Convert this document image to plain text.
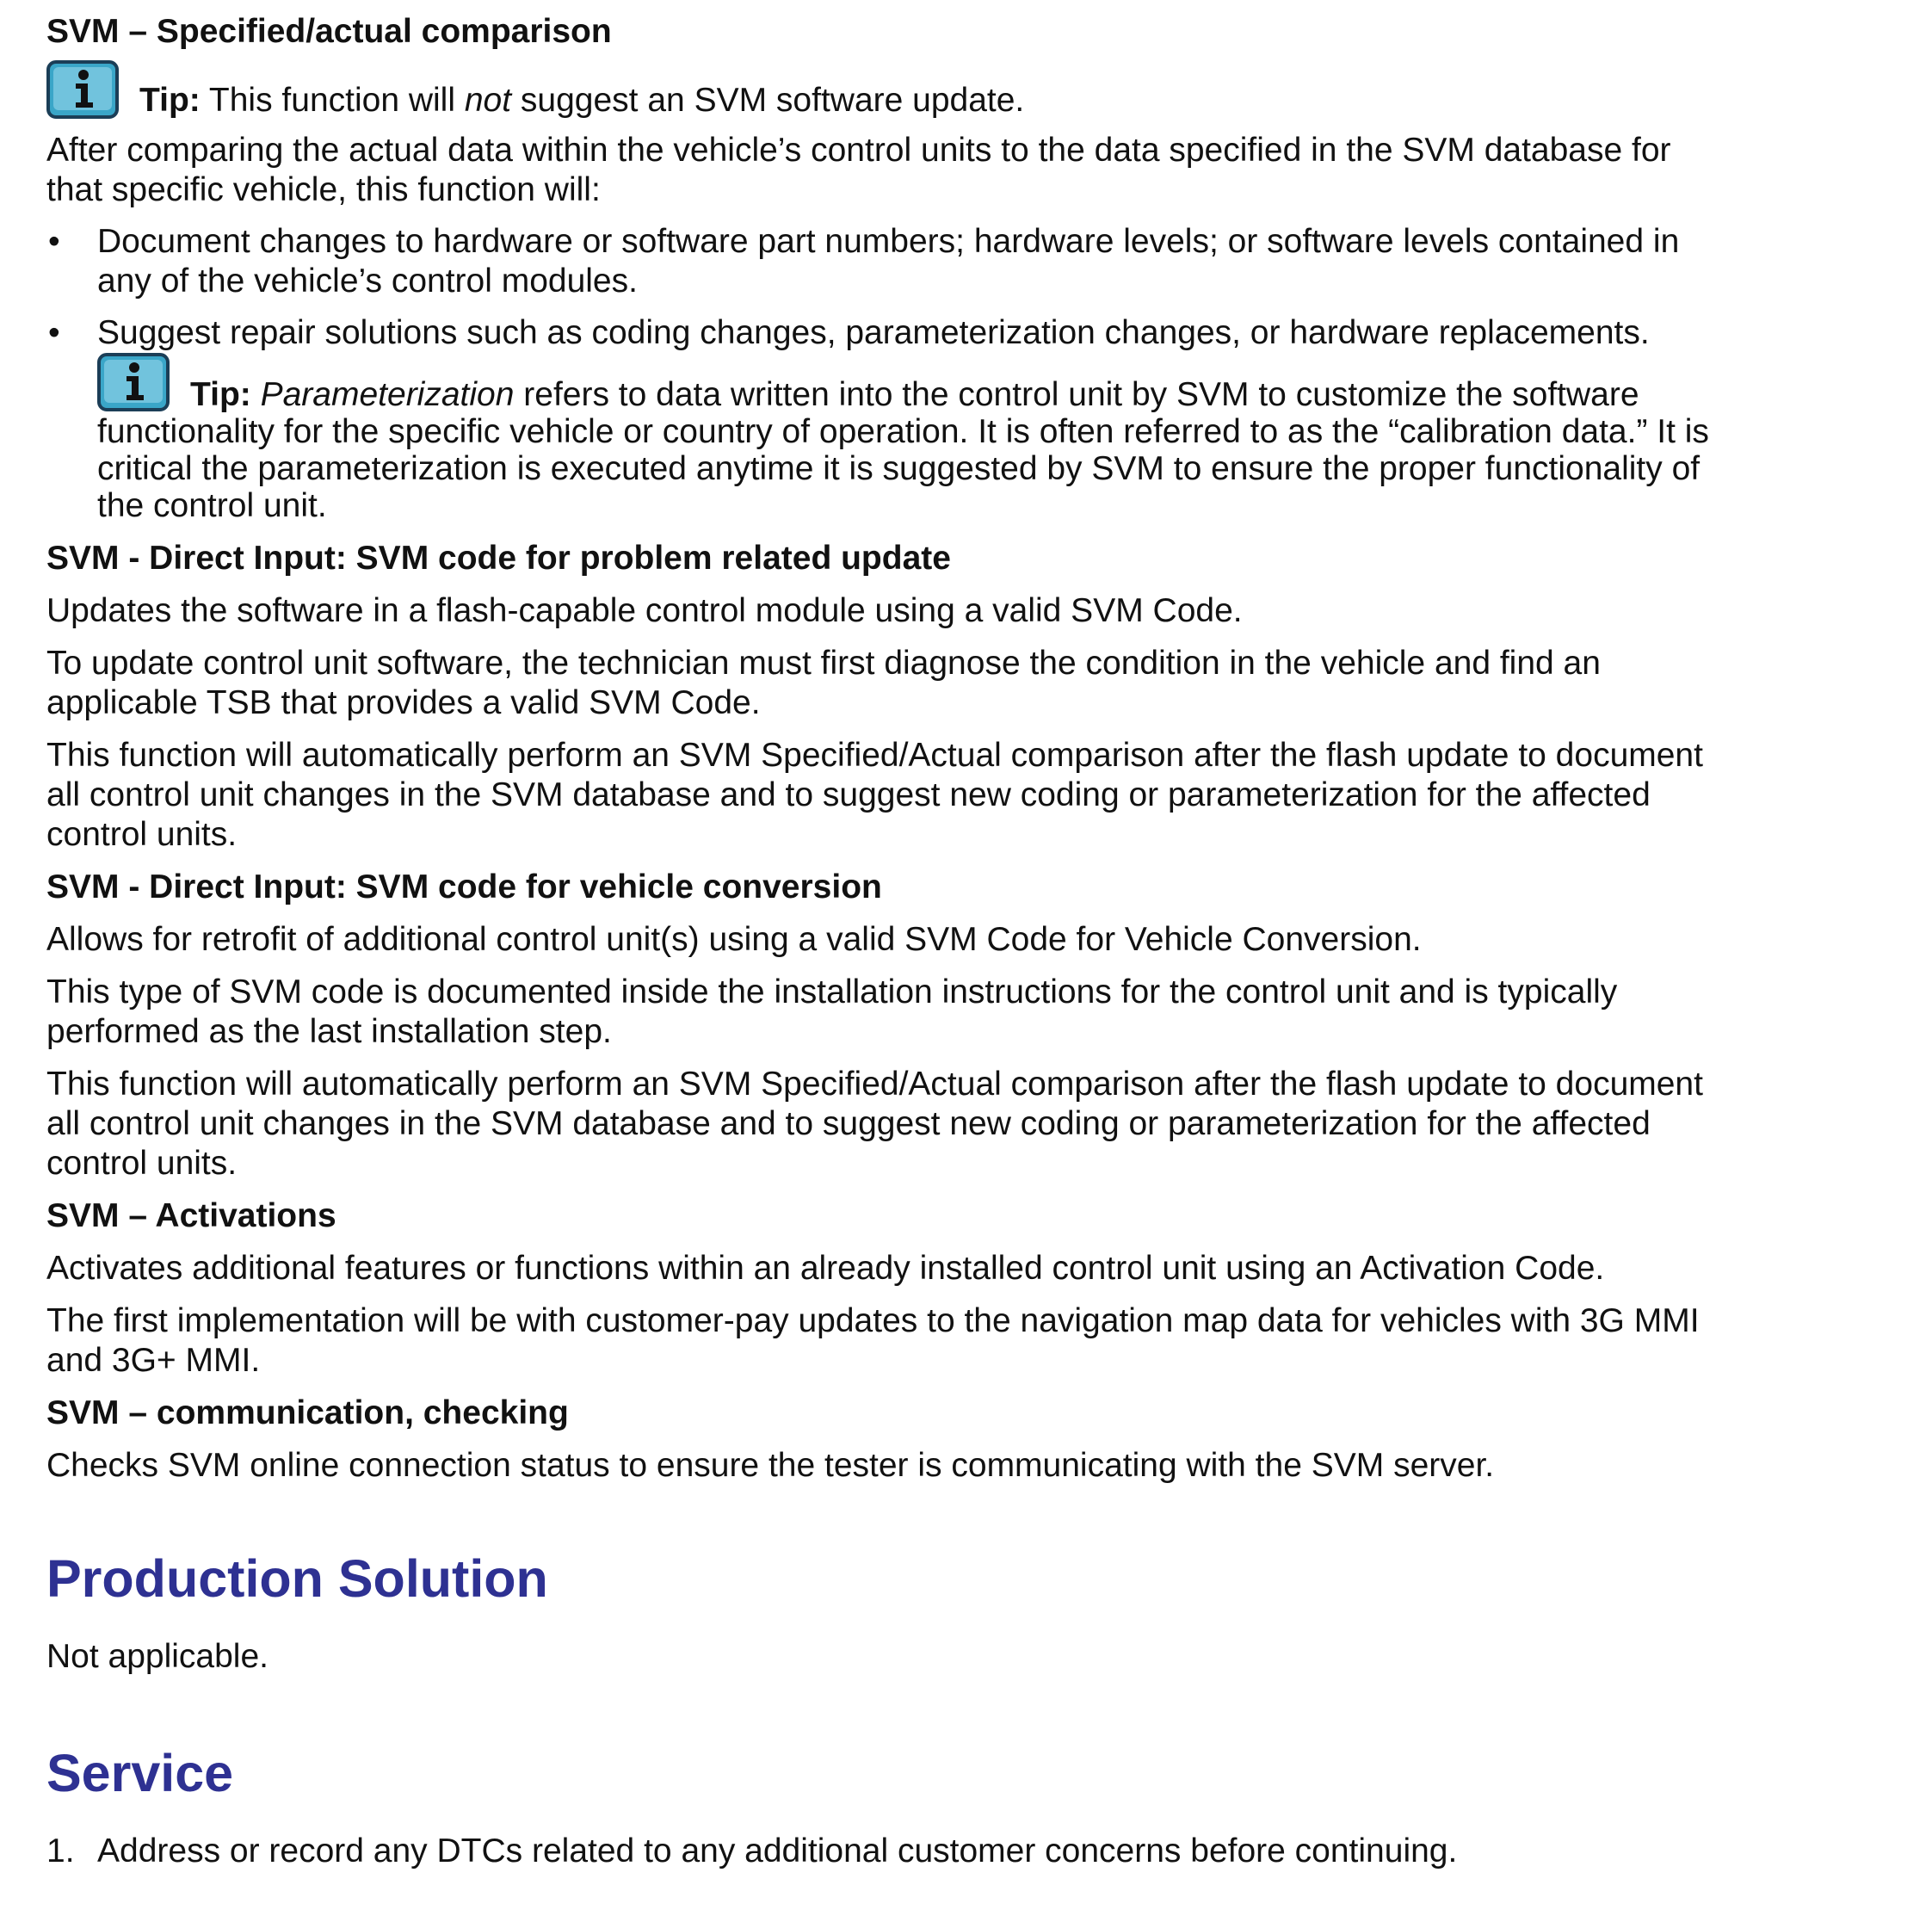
SVM – Specified/actual comparison

Tip: This function will not suggest an SVM software update.

After comparing the actual data within the vehicle’s control units to the data specified in the SVM database for
that specific vehicle, this function will:

• Document changes to hardware or software part numbers; hardware levels; or software levels contained in
any of the vehicle’s control modules.
• Suggest repair solutions such as coding changes, parameterization changes, or hardware replacements.
Tip: Parameterization refers to data written into the control unit by SVM to customize the software
functionality for the specific vehicle or country of operation. It is often referred to as the “calibration data.” It is
critical the parameterization is executed anytime it is suggested by SVM to ensure the proper functionality of
the control unit.

SVM - Direct Input: SVM code for problem related update

Updates the software in a flash-capable control module using a valid SVM Code.

To update control unit software, the technician must first diagnose the condition in the vehicle and find an
applicable TSB that provides a valid SVM Code.

This function will automatically perform an SVM Specified/Actual comparison after the flash update to document
all control unit changes in the SVM database and to suggest new coding or parameterization for the affected
control units.

SVM - Direct Input: SVM code for vehicle conversion

Allows for retrofit of additional control unit(s) using a valid SVM Code for Vehicle Conversion.

This type of SVM code is documented inside the installation instructions for the control unit and is typically
performed as the last installation step.

This function will automatically perform an SVM Specified/Actual comparison after the flash update to document
all control unit changes in the SVM database and to suggest new coding or parameterization for the affected
control units.

SVM – Activations

Activates additional features or functions within an already installed control unit using an Activation Code.

The first implementation will be with customer-pay updates to the navigation map data for vehicles with 3G MMI
and 3G+ MMI.

SVM – communication, checking

Checks SVM online connection status to ensure the tester is communicating with the SVM server.

Production Solution

Not applicable.

Service
1. Address or record any DTCs related to any additional customer concerns before continuing.
